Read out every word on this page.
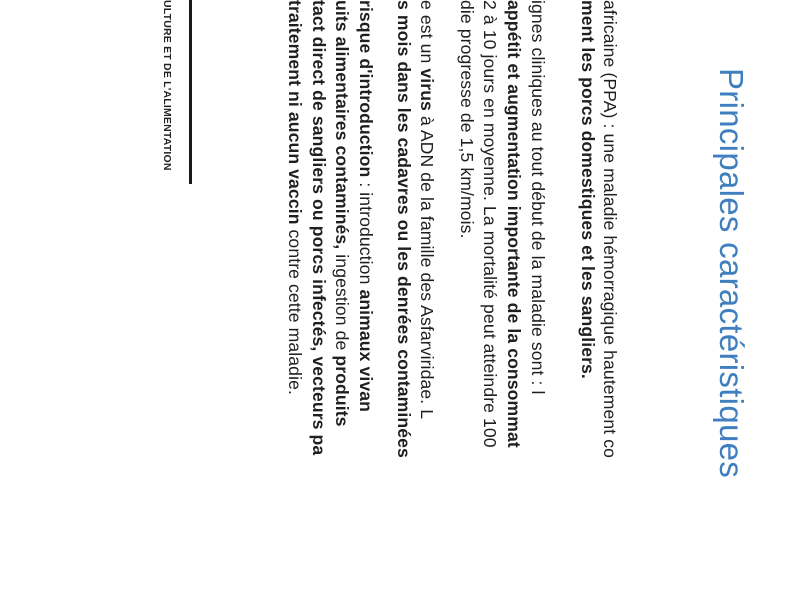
ULTURE ET DE L'ALIMENTATION	Principales caractéristiques
africaine (PPA) : une maladie hémorragique hautement co
ment les porcs domestiques et les sangliers.
ignes cliniques au tout début de la maladie sont : l
appétit et augmentation importante de la consommat
2 à 10 jours en moyenne. La mortalité peut atteindre 100
die progresse de 1,5 km/mois.
e est un virus à ADN de la famille des Asfarviridae. L
s mois dans les cadavres ou les denrées contaminées
risque d'introduction : introduction animaux vivan
uits alimentaires contaminés, ingestion de produits
tact direct de sangliers ou porcs infectés, vecteurs pa
traitement ni aucun vaccin contre cette maladie.
